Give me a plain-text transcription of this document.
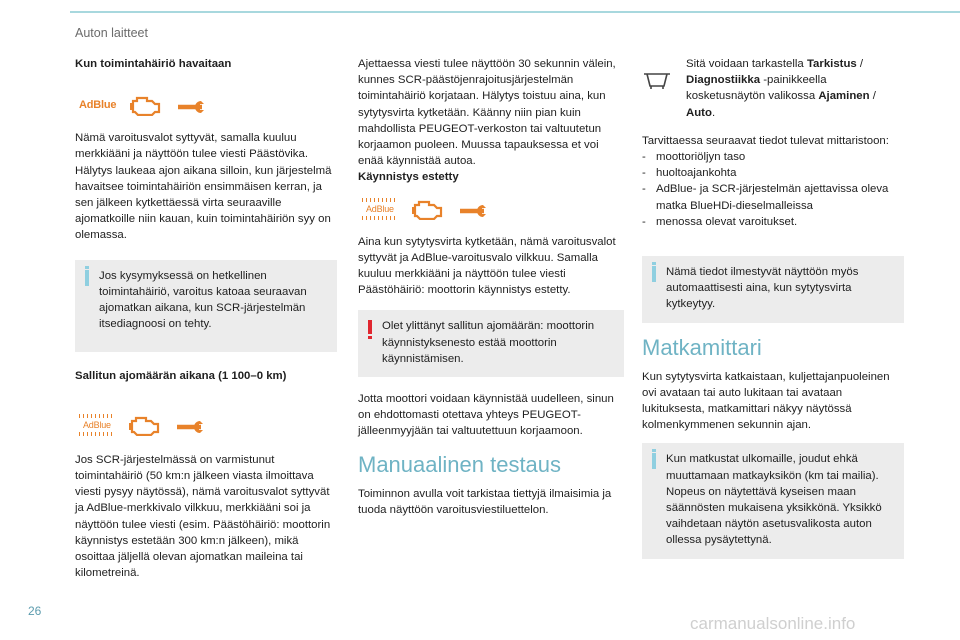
Auton laitteet

Kun toimintahäiriö havaitaan

AdBlue

Nämä varoitusvalot syttyvät, samalla kuuluu merkkiääni ja näyttöön tulee viesti Päästövika. Hälytys laukeaa ajon aikana silloin, kun järjestelmä havaitsee toimintahäiriön ensimmäisen kerran, ja sen jälkeen kytkettäessä virta seuraaville ajomatkoille niin kauan, kuin toimintahäiriön syy on olemassa.

Jos kysymyksessä on hetkellinen toimintahäiriö, varoitus katoaa seuraavan ajomatkan aikana, kun SCR-järjestelmän itsediagnoosi on tehty.

Sallitun ajomäärän aikana (1 100–0 km)

AdBlue

Jos SCR-järjestelmässä on varmistunut toimintahäiriö (50 km:n jälkeen viasta ilmoittava viesti pysyy näytössä), nämä varoitusvalot syttyvät ja AdBlue-merkkivalo vilkkuu, merkkiääni soi ja näyttöön tulee viesti (esim. Päästöhäiriö: moottorin käynnistys estetään 300 km:n jälkeen), mikä osoittaa jäljellä olevan ajomatkan maileina tai kilometreinä.

Ajettaessa viesti tulee näyttöön 30 sekunnin välein, kunnes SCR-päästöjenrajoitusjärjestelmän toimintahäiriö korjataan. Hälytys toistuu aina, kun sytytysvirta kytketään. Käänny niin pian kuin mahdollista PEUGEOT-verkoston tai valtuutetun korjaamon puoleen. Muussa tapauksessa et voi enää käynnistää autoa.

Käynnistys estetty

AdBlue

Aina kun sytytysvirta kytketään, nämä varoitusvalot syttyvät ja AdBlue-varoitusvalo vilkkuu. Samalla kuuluu merkkiääni ja näyttöön tulee viesti Päästöhäiriö: moottorin käynnistys estetty.

Olet ylittänyt sallitun ajomäärän: moottorin käynnistyksenesto estää moottorin käynnistämisen.

Jotta moottori voidaan käynnistää uudelleen, sinun on ehdottomasti otettava yhteys PEUGEOT-jälleenmyyjään tai valtuutettuun korjaamoon.

Manuaalinen testaus

Toiminnon avulla voit tarkistaa tiettyjä ilmaisimia ja tuoda näyttöön varoitusviestiluettelon.

Sitä voidaan tarkastella Tarkistus / Diagnostiikka -painikkeella kosketusnäytön valikossa Ajaminen / Auto.

Tarvittaessa seuraavat tiedot tulevat mittaristoon:

- moottoriöljyn taso
- huoltoajankohta
- AdBlue- ja SCR-järjestelmän ajettavissa oleva matka BlueHDi-dieselmalleissa
- menossa olevat varoitukset.

Nämä tiedot ilmestyvät näyttöön myös automaattisesti aina, kun sytytysvirta kytkeytyy.

Matkamittari

Kun sytytysvirta katkaistaan, kuljettajanpuoleinen ovi avataan tai auto lukitaan tai avataan lukituksesta, matkamittari näkyy näytössä kolmenkymmenen sekunnin ajan.

Kun matkustat ulkomaille, joudut ehkä muuttamaan matkayksikön (km tai mailia). Nopeus on näytettävä kyseisen maan säännösten mukaisena yksikkönä. Yksikkö vaihdetaan näytön asetusvalikosta auton ollessa pysäytettynä.

26
carmanualsonline.info
